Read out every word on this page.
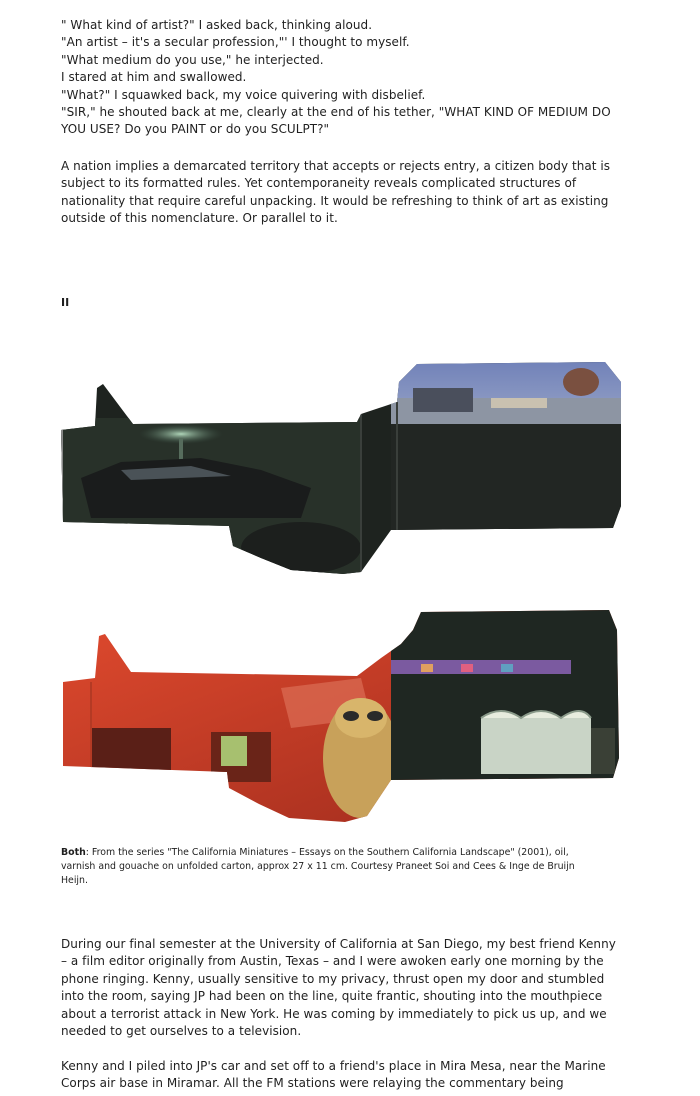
" What kind of artist?" I asked back, thinking aloud.
"An artist – it's a secular profession,"' I thought to myself.
"What medium do you use," he interjected.
I stared at him and swallowed.
"What?" I squawked back, my voice quivering with disbelief.
"SIR," he shouted back at me, clearly at the end of his tether, "WHAT KIND OF MEDIUM DO
YOU USE? Do you PAINT or do you SCULPT?"
A nation implies a demarcated territory that accepts or rejects entry, a citizen body that is
subject to its formatted rules. Yet contemporaneity reveals complicated structures of
nationality that require careful unpacking. It would be refreshing to think of art as existing
outside of this nomenclature. Or parallel to it.
II
Both: From the series "The California Miniatures – Essays on the Southern California Landscape" (2001), oil,
varnish and gouache on unfolded carton, approx 27 x 11 cm. Courtesy Praneet Soi and Cees & Inge de Bruijn
Heijn.
During our final semester at the University of California at San Diego, my best friend Kenny
– a film editor originally from Austin, Texas – and I were awoken early one morning by the
phone ringing. Kenny, usually sensitive to my privacy, thrust open my door and stumbled
into the room, saying JP had been on the line, quite frantic, shouting into the mouthpiece
about a terrorist attack in New York. He was coming by immediately to pick us up, and we
needed to get ourselves to a television.
Kenny and I piled into JP's car and set off to a friend's place in Mira Mesa, near the Marine
Corps air base in Miramar. All the FM stations were relaying the commentary being
